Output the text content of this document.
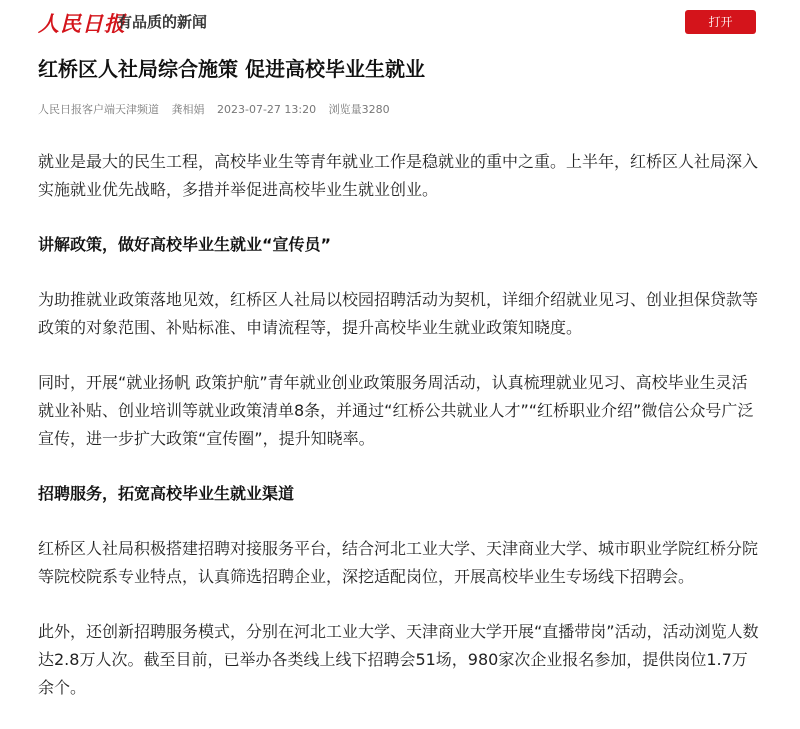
人民日报
有品质的新闻	打开
红桥区人社局综合施策 促进高校毕业生就业
人民日报客户端天津频道 龚相娟 2023-07-27 13:20 浏览量3280

就业是最大的民生工程，高校毕业生等青年就业工作是稳就业的重中之重。上半年，红桥区人社局深入实施就业优先战略，多措并举促进高校毕业生就业创业。

讲解政策，做好高校毕业生就业“宣传员”

为助推就业政策落地见效，红桥区人社局以校园招聘活动为契机，详细介绍就业见习、创业担保贷款等政策的对象范围、补贴标准、申请流程等，提升高校毕业生就业政策知晓度。

同时，开展“就业扬帆 政策护航”青年就业创业政策服务周活动，认真梳理就业见习、高校毕业生灵活就业补贴、创业培训等就业政策清单8条，并通过“红桥公共就业人才”“红桥职业介绍”微信公众号广泛宣传，进一步扩大政策“宣传圈”，提升知晓率。

招聘服务，拓宽高校毕业生就业渠道

红桥区人社局积极搭建招聘对接服务平台，结合河北工业大学、天津商业大学、城市职业学院红桥分院等院校院系专业特点，认真筛选招聘企业，深挖适配岗位，开展高校毕业生专场线下招聘会。

此外，还创新招聘服务模式，分别在河北工业大学、天津商业大学开展“直播带岗”活动，活动浏览人数达2.8万人次。截至目前，已举办各类线上线下招聘会51场，980家次企业报名参加，提供岗位1.7万余个。
